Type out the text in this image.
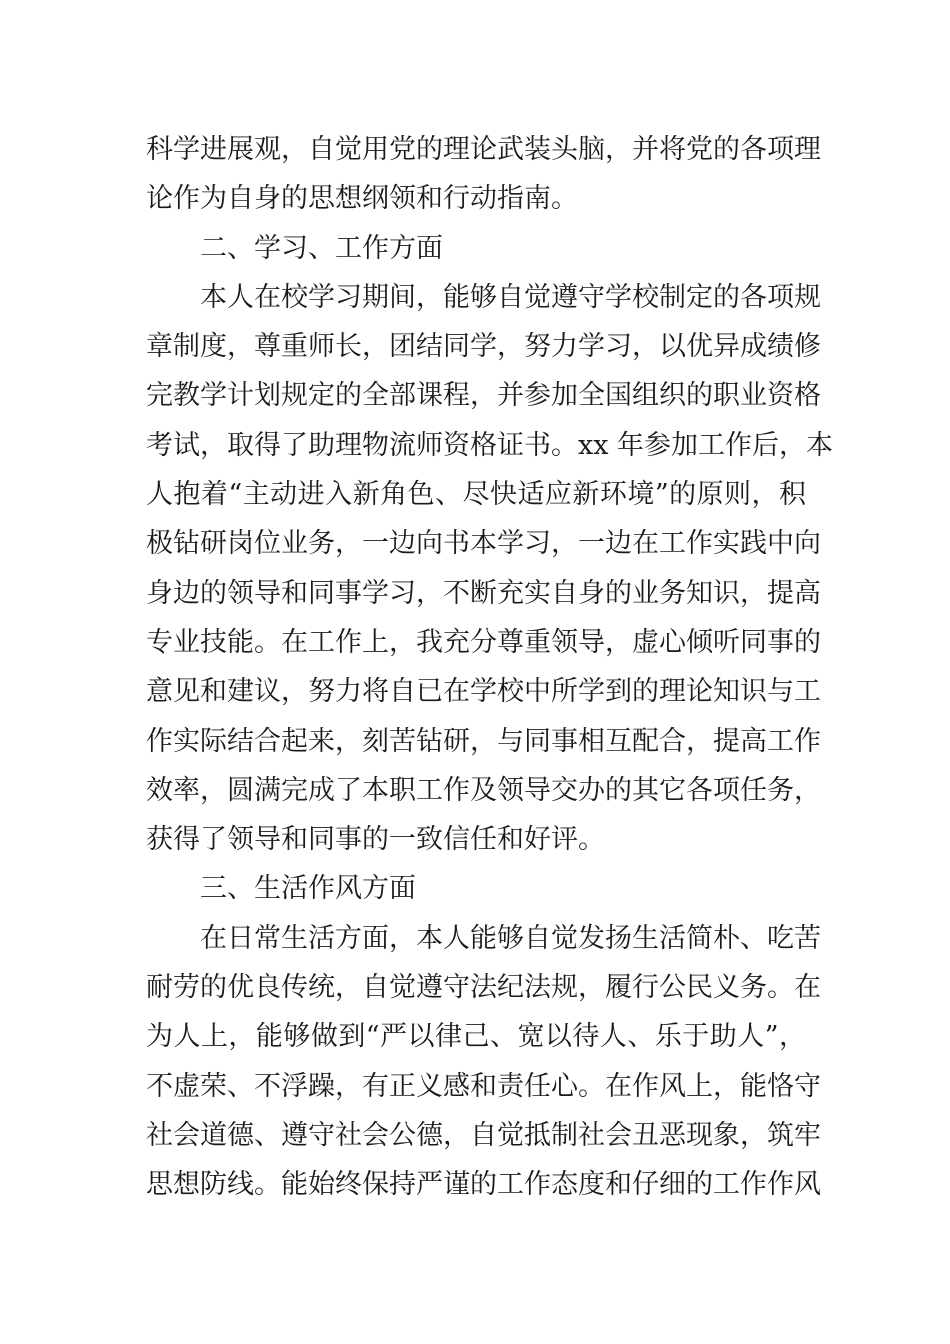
科学进展观，自觉用党的理论武装头脑，并将党的各项理
论作为自身的思想纲领和行动指南。
二、学习、工作方面
本人在校学习期间，能够自觉遵守学校制定的各项规
章制度，尊重师长，团结同学，努力学习，以优异成绩修
完教学计划规定的全部课程，并参加全国组织的职业资格
考试，取得了助理物流师资格证书。xx 年参加工作后，本
人抱着“主动进入新角色、尽快适应新环境”的原则，积
极钻研岗位业务，一边向书本学习，一边在工作实践中向
身边的领导和同事学习，不断充实自身的业务知识，提高
专业技能。在工作上，我充分尊重领导，虚心倾听同事的
意见和建议，努力将自已在学校中所学到的理论知识与工
作实际结合起来，刻苦钻研，与同事相互配合，提高工作
效率，圆满完成了本职工作及领导交办的其它各项任务，
获得了领导和同事的一致信任和好评。
三、生活作风方面
在日常生活方面，本人能够自觉发扬生活简朴、吃苦
耐劳的优良传统，自觉遵守法纪法规，履行公民义务。在
为人上，能够做到“严以律己、宽以待人、乐于助人”，
不虚荣、不浮躁，有正义感和责任心。在作风上，能恪守
社会道德、遵守社会公德，自觉抵制社会丑恶现象，筑牢
思想防线。能始终保持严谨的工作态度和仔细的工作作风
